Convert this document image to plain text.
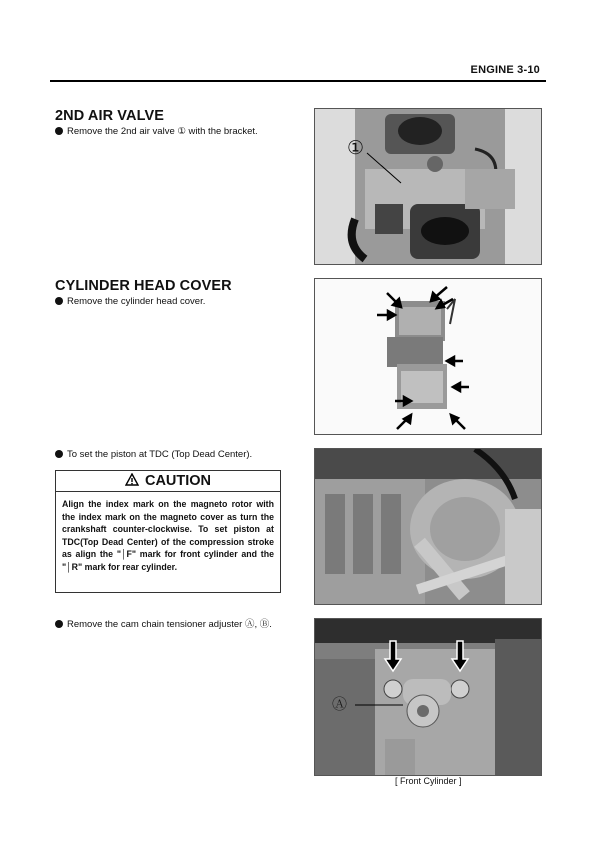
ENGINE 3-10
2ND AIR VALVE
Remove the 2nd air valve ① with the bracket.
①
CYLINDER HEAD COVER
Remove the cylinder head cover.
To set the piston at TDC (Top Dead Center).
CAUTION
Align the index mark on the magneto rotor with the index mark on the magneto cover as turn the crankshaft counter-clockwise. To set piston at TDC(Top Dead Center) of the compression stroke as align the "│F" mark for front cylinder and the "│R" mark for rear cylinder.
Remove the cam chain tensioner adjuster Ⓐ, Ⓑ.
Ⓐ
[ Front Cylinder ]
